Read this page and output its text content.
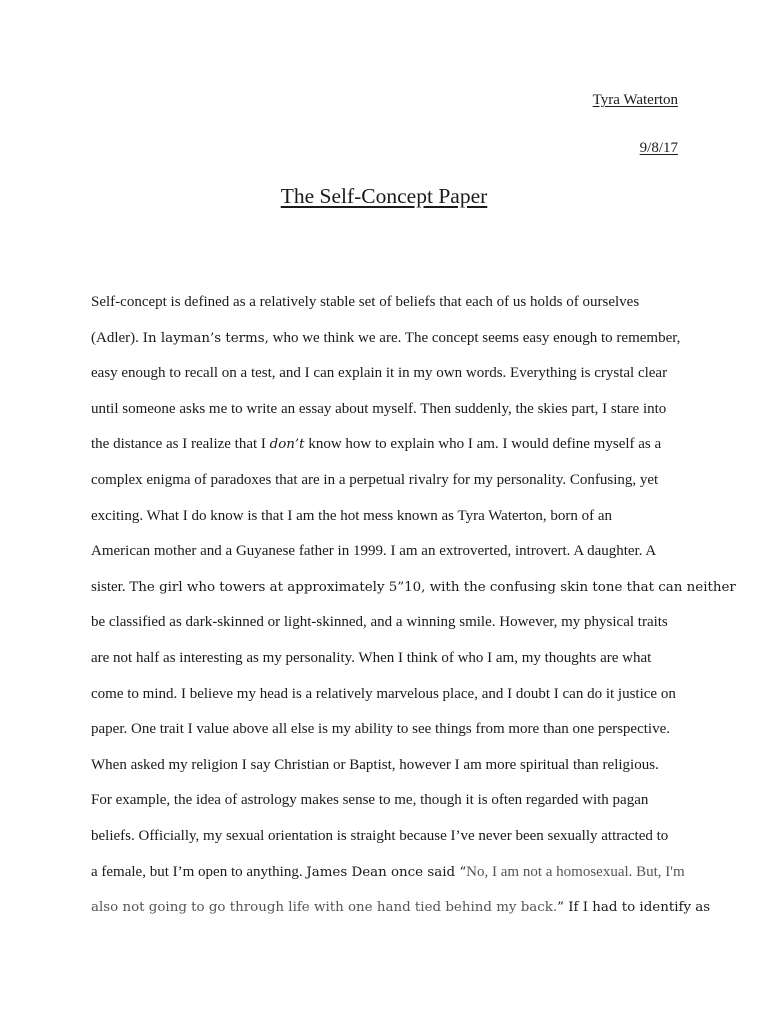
Tyra Waterton
9/8/17
The Self-Concept Paper
Self-concept is defined as a relatively stable set of beliefs that each of us holds of ourselves
(Adler). In layman’s terms, who we think we are. The concept seems easy enough to remember,
easy enough to recall on a test, and I can explain it in my own words. Everything is crystal clear
until someone asks me to write an essay about myself. Then suddenly, the skies part, I stare into
the distance as I realize that I don’t know how to explain who I am. I would define myself as a
complex enigma of paradoxes that are in a perpetual rivalry for my personality. Confusing, yet
exciting. What I do know is that I am the hot mess known as Tyra Waterton, born of an
American mother and a Guyanese father in 1999. I am an extroverted, introvert. A daughter. A
sister. The girl who towers at approximately 5”10, with the confusing skin tone that can neither
be classified as dark-skinned or light-skinned, and a winning smile. However, my physical traits
are not half as interesting as my personality. When I think of who I am, my thoughts are what
come to mind. I believe my head is a relatively marvelous place, and I doubt I can do it justice on
paper. One trait I value above all else is my ability to see things from more than one perspective.
When asked my religion I say Christian or Baptist, however I am more spiritual than religious.
For example, the idea of astrology makes sense to me, though it is often regarded with pagan
beliefs. Officially, my sexual orientation is straight because I’ve never been sexually attracted to
a female, but I’m open to anything. James Dean once said “No, I am not a homosexual. But, I'm
also not going to go through life with one hand tied behind my back.” If I had to identify as
